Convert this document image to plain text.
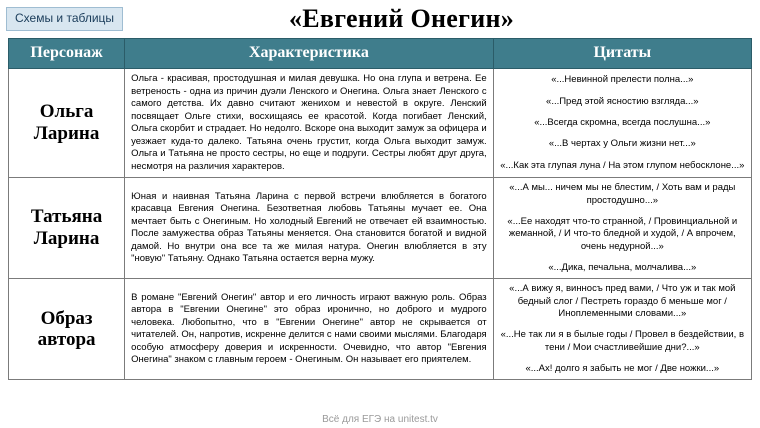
Схемы и таблицы	«Евгений Онегин»
Персонаж	Характеристика	Цитаты
Ольга
Ларина	Ольга - красивая, простодушная и милая девушка. Но она глупа и ветрена. Ее ветреность - одна из причин дуэли Ленского и Онегина. Ольга знает Ленского с самого детства. Их давно считают женихом и невестой в округе. Ленский посвящает Ольге стихи, восхищаясь ее красотой. Когда погибает Ленский, Ольга скорбит и страдает. Но недолго. Вскоре она выходит замуж за офицера и уезжает куда-то далеко. Татьяна очень грустит, когда Ольга выходит замуж. Ольга и Татьяна не просто сестры, но еще и подруги. Сестры любят друг друга, несмотря на различия характеров.	
«...Невинной прелести полна...»
«...Пред этой ясностию взгляда...»
«...Всегда скромна, всегда послушна...»
«...В чертах у Ольги жизни нет...»
«...Как эта глупая луна / На этом глупом небосклоне...»

Татьяна
Ларина	Юная и наивная Татьяна Ларина с первой встречи влюбляется в богатого красавца Евгения Онегина. Безответная любовь Татьяны мучает ее. Она мечтает быть с Онегиным. Но холодный Евгений не отвечает ей взаимностью. После замужества образ Татьяны меняется. Она становится богатой и видной дамой. Но внутри она все та же милая натура. Онегин влюбляется в эту "новую" Татьяну. Однако Татьяна остается верна мужу.	
«...А мы... ничем мы не блестим, / Хоть вам и рады простодушно...»
«...Ее находят что-то странной, / Провинциальной и жеманной, / И что-то бледной и худой, / А впрочем, очень недурной...»
«...Дика, печальна, молчалива...»

Образ
автора	В романе "Евгений Онегин" автор и его личность играют важную роль. Образ автора в "Евгении Онегине" это образ иронично, но доброго и мудрого человека. Любопытно, что в "Евгении Онегине" автор не скрывается от читателей. Он, напротив, искренне делится с нами своими мыслями. Благодаря особую атмосферу доверия и искренности. Очевидно, что автор "Евгения Онегина" знаком с главным героем - Онегиным. Он называет его приятелем.	
«...А вижу я, винносъ пред вами, / Что уж и так мой бедный слог / Пестреть гораздо б меньше мог / Иноплеменными словами...»
«...Не так ли я в былые годы / Провел в бездействии, в тени / Мои счастливейшие дни?...»
«...Ах! долго я забыть не мог / Две ножки...»
Всё для ЕГЭ на unitest.tv
